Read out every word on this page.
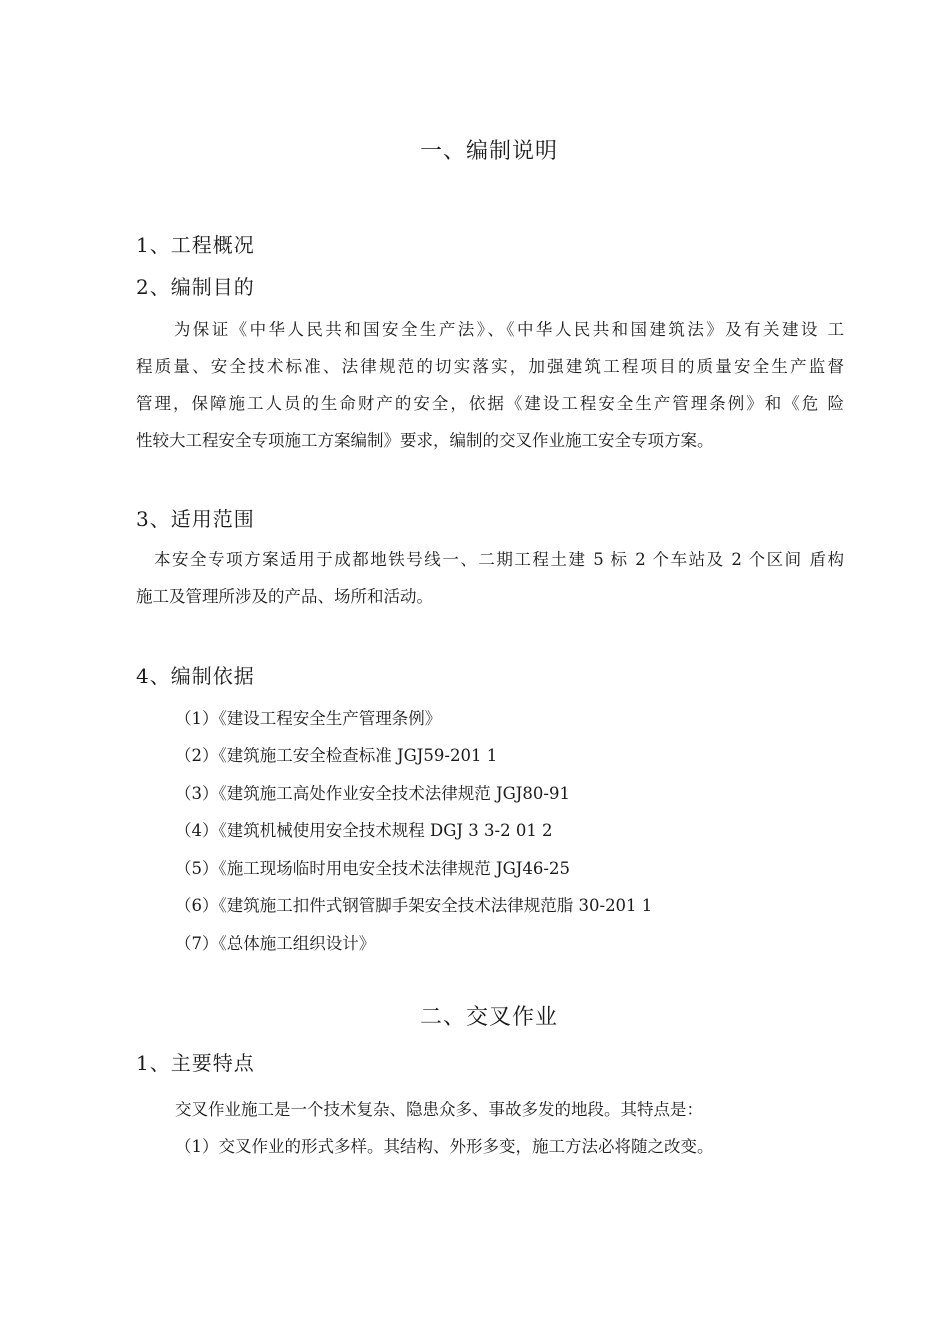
一、编制说明
1、工程概况
2、编制目的
　　为保证《中华人民共和国安全生产法》、《中华人民共和国建筑法》及有关建设 工
程质量、安全技术标准、法律规范的切实落实，加强建筑工程项目的质量安全生产监督
管理，保障施工人员的生命财产的安全，依据《建设工程安全生产管理条例》和《危 险
性较大工程安全专项施工方案编制》要求，编制的交叉作业施工安全专项方案。
3、适用范围
　本安全专项方案适用于成都地铁号线一、二期工程土建 5 标 2 个车站及 2 个区间 盾构
施工及管理所涉及的产品、场所和活动。
4、编制依据
（1）《建设工程安全生产管理条例》
（2）《建筑施工安全检查标准 JGJ59-201 1
（3）《建筑施工高处作业安全技术法律规范 JGJ80-91
（4）《建筑机械使用安全技术规程 DGJ 3 3-2 01 2
（5）《施工现场临时用电安全技术法律规范 JGJ46-25
（6）《建筑施工扣件式钢管脚手架安全技术法律规范脂 30-201 1
（7）《总体施工组织设计》
二、交叉作业
1、主要特点
交叉作业施工是一个技术复杂、隐患众多、事故多发的地段。其特点是：
（1）交叉作业的形式多样。其结构、外形多变，施工方法必将随之改变。
